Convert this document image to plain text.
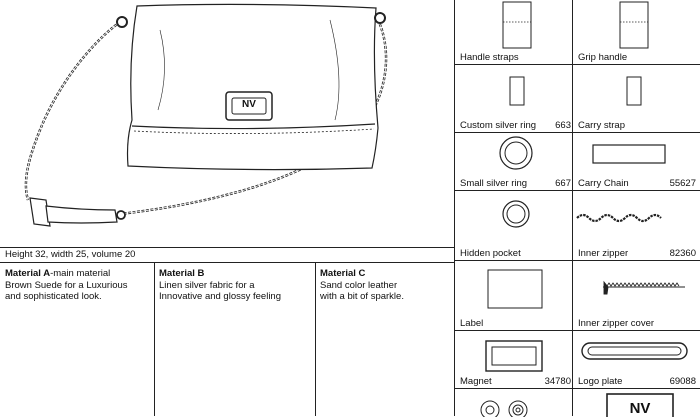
NV
Height 32, width 25, volume 20
Material A-main material
Brown Suede for a Luxurious
and sophisticated look.
Material B
Linen silver fabric for a
Innovative and glossy feeling
Material C
Sand color leather
with a bit of sparkle.
NV
Handle straps	Grip handle
Custom silver ring	663 Carry strap
Small silver ring	667 Carry Chain	55627
Hidden pocket	Inner zipper	82360
Label	Inner zipper cover
Magnet	34780 Logo plate	69088
